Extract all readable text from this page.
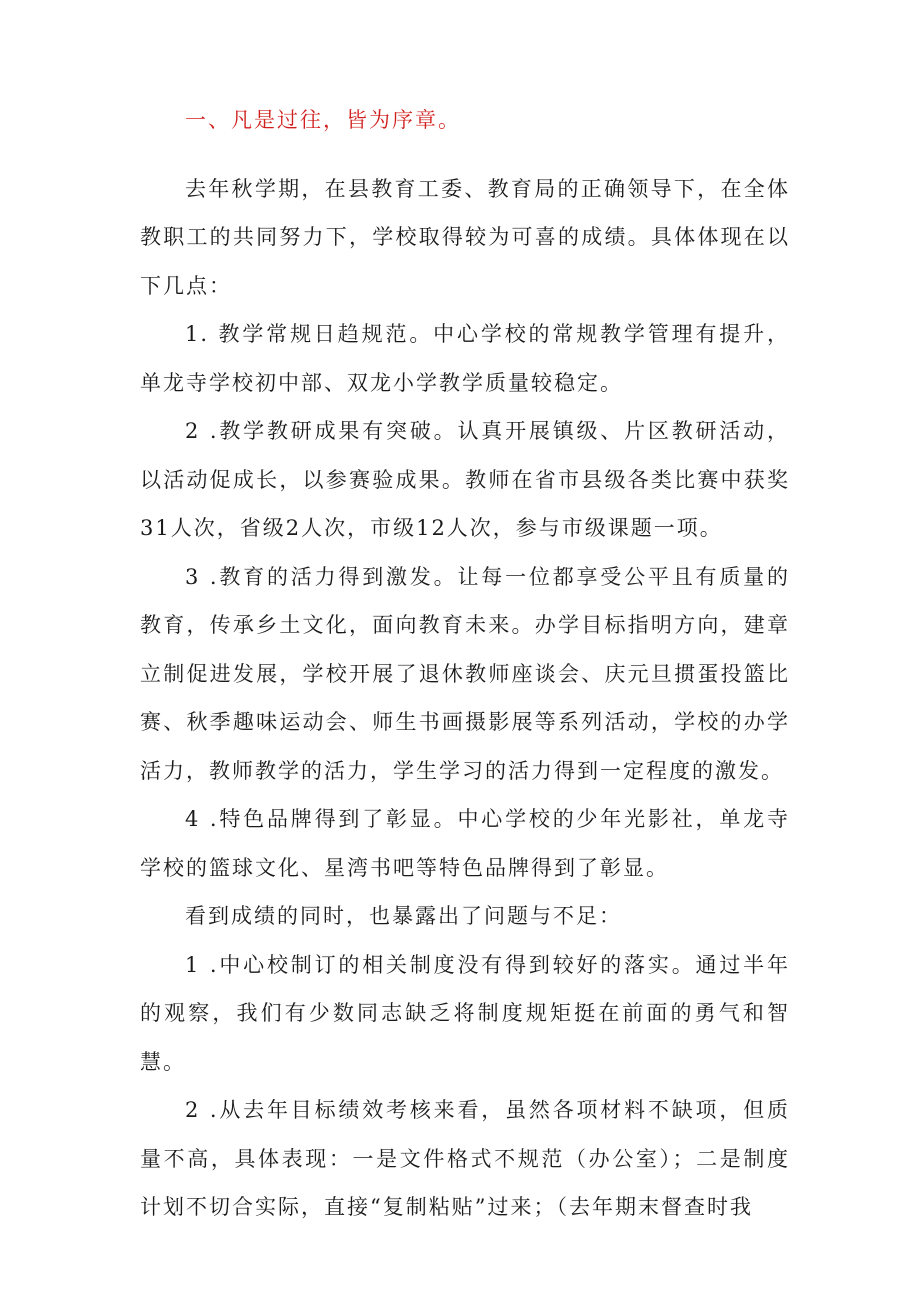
一、凡是过往，皆为序章。

去年秋学期，在县教育工委、教育局的正确领导下，在全体教职工的共同努力下，学校取得较为可喜的成绩。具体体现在以下几点：

1. 教学常规日趋规范。中心学校的常规教学管理有提升，单龙寺学校初中部、双龙小学教学质量较稳定。

2 .教学教研成果有突破。认真开展镇级、片区教研活动，以活动促成长，以参赛验成果。教师在省市县级各类比赛中获奖31人次，省级2人次，市级12人次，参与市级课题一项。

3 .教育的活力得到激发。让每一位都享受公平且有质量的教育，传承乡土文化，面向教育未来。办学目标指明方向，建章立制促进发展，学校开展了退休教师座谈会、庆元旦掼蛋投篮比赛、秋季趣味运动会、师生书画摄影展等系列活动，学校的办学活力，教师教学的活力，学生学习的活力得到一定程度的激发。

4 .特色品牌得到了彰显。中心学校的少年光影社，单龙寺学校的篮球文化、星湾书吧等特色品牌得到了彰显。

看到成绩的同时，也暴露出了问题与不足：

1 .中心校制订的相关制度没有得到较好的落实。通过半年的观察，我们有少数同志缺乏将制度规矩挺在前面的勇气和智慧。

2 .从去年目标绩效考核来看，虽然各项材料不缺项，但质量不高，具体表现：一是文件格式不规范（办公室）；二是制度计划不切合实际，直接“复制粘贴”过来；（去年期末督查时我
